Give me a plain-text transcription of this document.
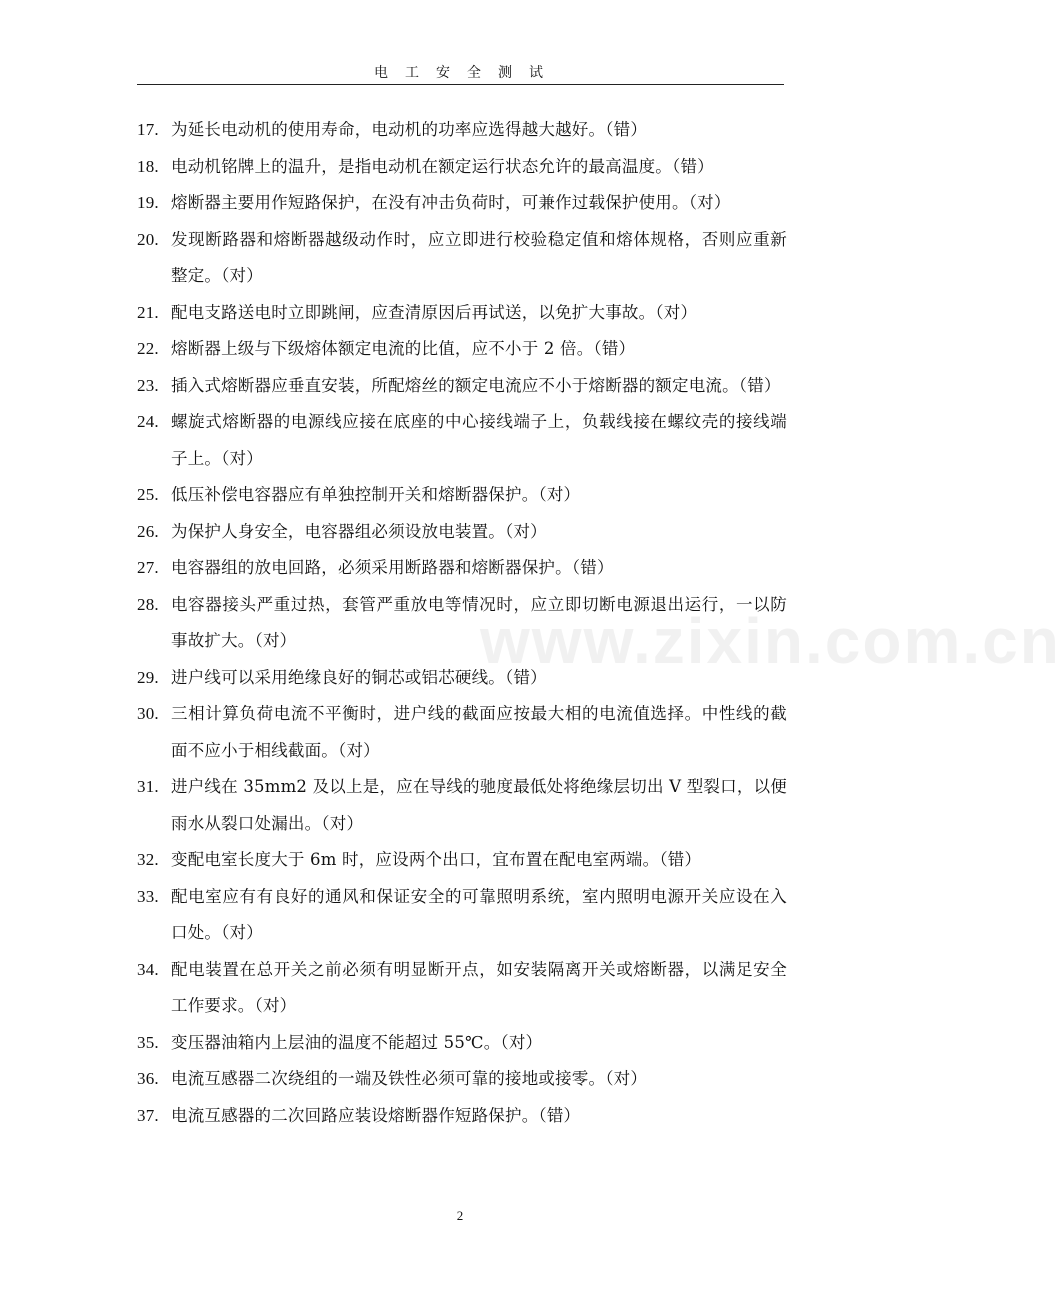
电工安全测试
17. 为延长电动机的使用寿命，电动机的功率应选得越大越好。（错）
18. 电动机铭牌上的温升，是指电动机在额定运行状态允许的最高温度。（错）
19. 熔断器主要用作短路保护，在没有冲击负荷时，可兼作过载保护使用。（对）
20. 发现断路器和熔断器越级动作时，应立即进行校验稳定值和熔体规格，否则应重新整定。（对）
21. 配电支路送电时立即跳闸，应查清原因后再试送，以免扩大事故。（对）
22. 熔断器上级与下级熔体额定电流的比值，应不小于 2 倍。（错）
23. 插入式熔断器应垂直安装，所配熔丝的额定电流应不小于熔断器的额定电流。（错）
24. 螺旋式熔断器的电源线应接在底座的中心接线端子上，负载线接在螺纹壳的接线端子上。（对）
25. 低压补偿电容器应有单独控制开关和熔断器保护。（对）
26. 为保护人身安全，电容器组必须设放电装置。（对）
27. 电容器组的放电回路，必须采用断路器和熔断器保护。（错）
28. 电容器接头严重过热，套管严重放电等情况时，应立即切断电源退出运行，一以防事故扩大。（对）
29. 进户线可以采用绝缘良好的铜芯或铝芯硬线。（错）
30. 三相计算负荷电流不平衡时，进户线的截面应按最大相的电流值选择。中性线的截面不应小于相线截面。（对）
31. 进户线在 35mm2 及以上是，应在导线的驰度最低处将绝缘层切出 V 型裂口，以便雨水从裂口处漏出。（对）
32. 变配电室长度大于 6m 时，应设两个出口，宜布置在配电室两端。（错）
33. 配电室应有有良好的通风和保证安全的可靠照明系统，室内照明电源开关应设在入口处。（对）
34. 配电装置在总开关之前必须有明显断开点，如安装隔离开关或熔断器，以满足安全工作要求。（对）
35. 变压器油箱内上层油的温度不能超过 55℃。（对）
36. 电流互感器二次绕组的一端及铁性必须可靠的接地或接零。（对）
37. 电流互感器的二次回路应装设熔断器作短路保护。（错）
2
www.zixin.com.cn
